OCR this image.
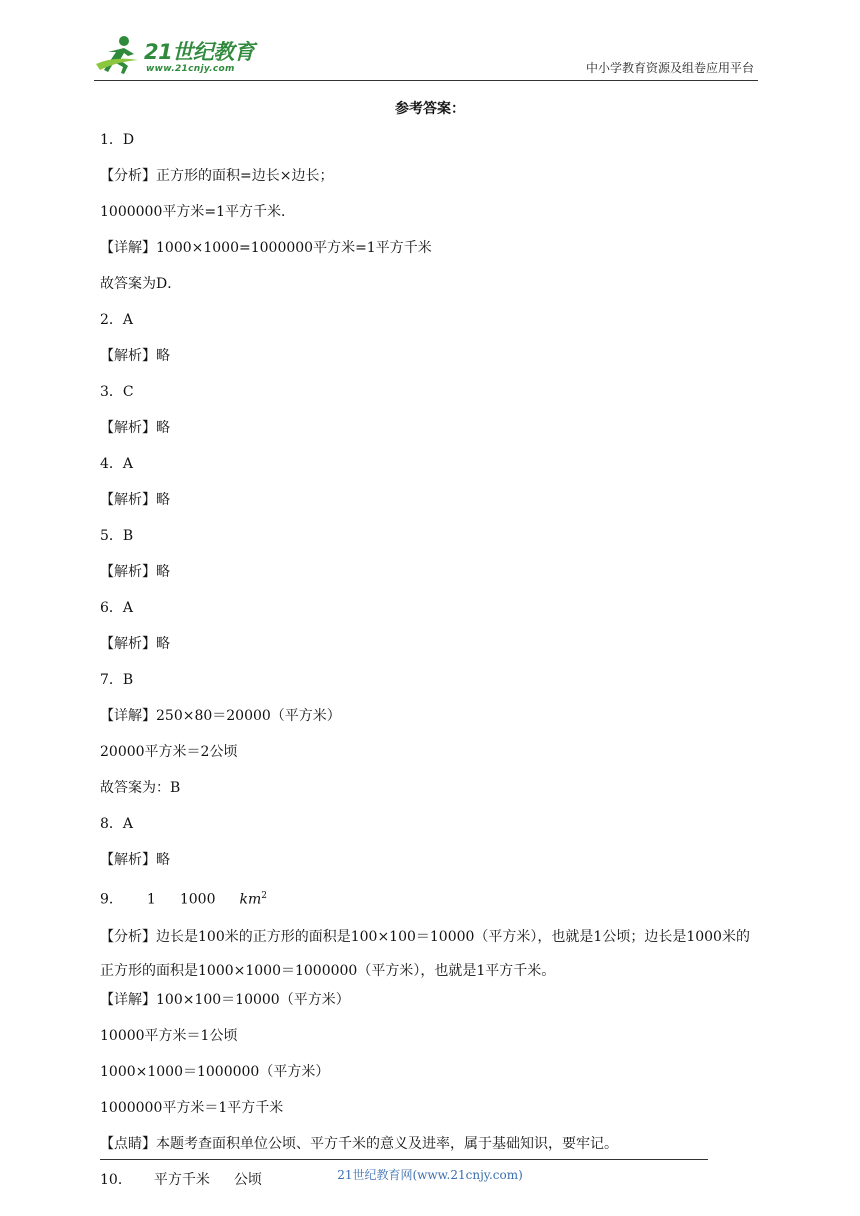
21世纪教育
www.21cnjy.com	中小学教育资源及组卷应用平台
参考答案：
1．D
【分析】正方形的面积=边长×边长；
1000000平方米=1平方千米．
【详解】1000×1000=1000000平方米=1平方千米
故答案为D．
2．A
【解析】略
3．C
【解析】略
4．A
【解析】略
5．B
【解析】略
6．A
【解析】略
7．B
【详解】250×80＝20000（平方米）
20000平方米＝2公顷
故答案为：B
8．A
【解析】略
9． 1 1000 $km^2$
【分析】边长是100米的正方形的面积是100×100＝10000（平方米），也就是1公顷；边长是1000米的正方形的面积是1000×1000＝1000000（平方米），也就是1平方千米。
【详解】100×100＝10000（平方米）
10000平方米＝1公顷
1000×1000＝1000000（平方米）
1000000平方米＝1平方千米
【点睛】本题考查面积单位公顷、平方千米的意义及进率，属于基础知识，要牢记。
10． 平方千米 公顷	21世纪教育网(www.21cnjy.com)
